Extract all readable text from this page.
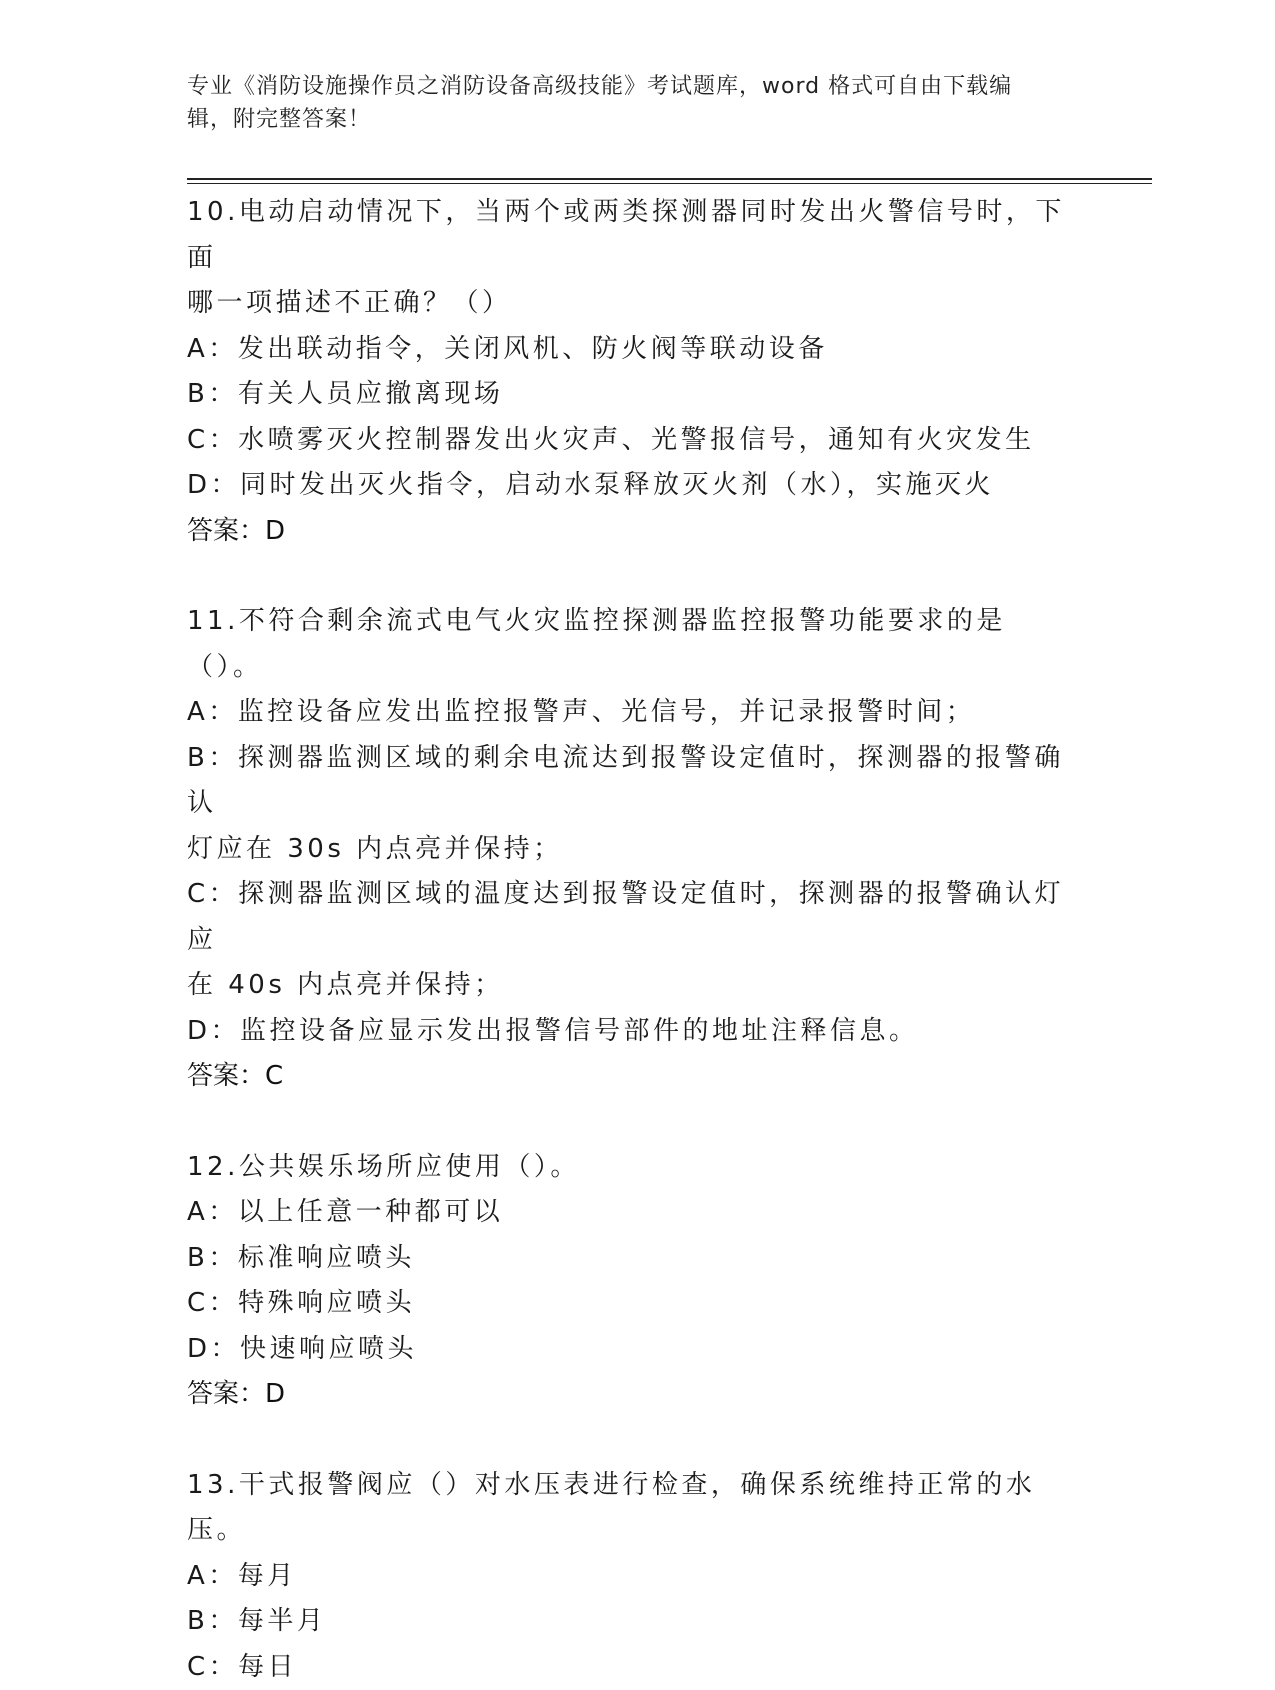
专业《消防设施操作员之消防设备高级技能》考试题库，word 格式可自由下载编
辑，附完整答案！
10.电动启动情况下，当两个或两类探测器同时发出火警信号时，下面
哪一项描述不正确？（）
A：发出联动指令，关闭风机、防火阀等联动设备
B：有关人员应撤离现场
C：水喷雾灭火控制器发出火灾声、光警报信号，通知有火灾发生
D：同时发出灭火指令，启动水泵释放灭火剂（水），实施灭火
答案：D
11.不符合剩余流式电气火灾监控探测器监控报警功能要求的是（）。
A：监控设备应发出监控报警声、光信号，并记录报警时间；
B：探测器监测区域的剩余电流达到报警设定值时，探测器的报警确认
灯应在 30s 内点亮并保持；
C：探测器监测区域的温度达到报警设定值时，探测器的报警确认灯应
在 40s 内点亮并保持；
D：监控设备应显示发出报警信号部件的地址注释信息。
答案：C
12.公共娱乐场所应使用（）。
A：以上任意一种都可以
B：标准响应喷头
C：特殊响应喷头
D：快速响应喷头
答案：D
13.干式报警阀应（）对水压表进行检查，确保系统维持正常的水压。
A：每月
B：每半月
C：每日
